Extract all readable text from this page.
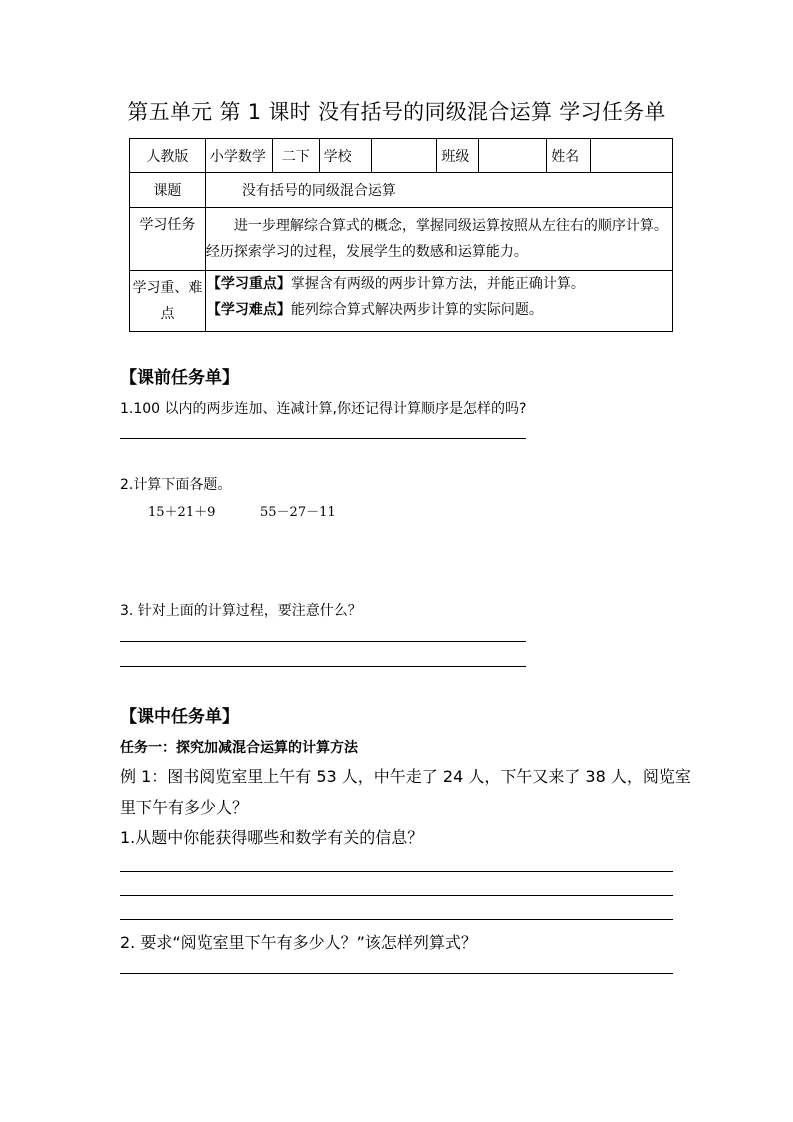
第五单元 第 1 课时 没有括号的同级混合运算 学习任务单
人教版	小学数学	二下	学校		班级		姓名	
课题	没有括号的同级混合运算							
学习任务	进一步理解综合算式的概念，掌握同级运算按照从左往右的顺序计算。经历探索学习的过程，发展学生的数感和运算能力。							
学习重、难点	【学习重点】掌握含有两级的两步计算方法，并能正确计算。
【学习难点】能列综合算式解决两步计算的实际问题。							
【课前任务单】
1.100 以内的两步连加、连减计算,你还记得计算顺序是怎样的吗?
2.计算下面各题。
15＋21＋9	55－27－11
3. 针对上面的计算过程，要注意什么？
【课中任务单】
任务一：探究加减混合运算的计算方法
例 1：图书阅览室里上午有 53 人，中午走了 24 人，下午又来了 38 人，阅览室
里下午有多少人？
1.从题中你能获得哪些和数学有关的信息？
2. 要求“阅览室里下午有多少人？”该怎样列算式？
